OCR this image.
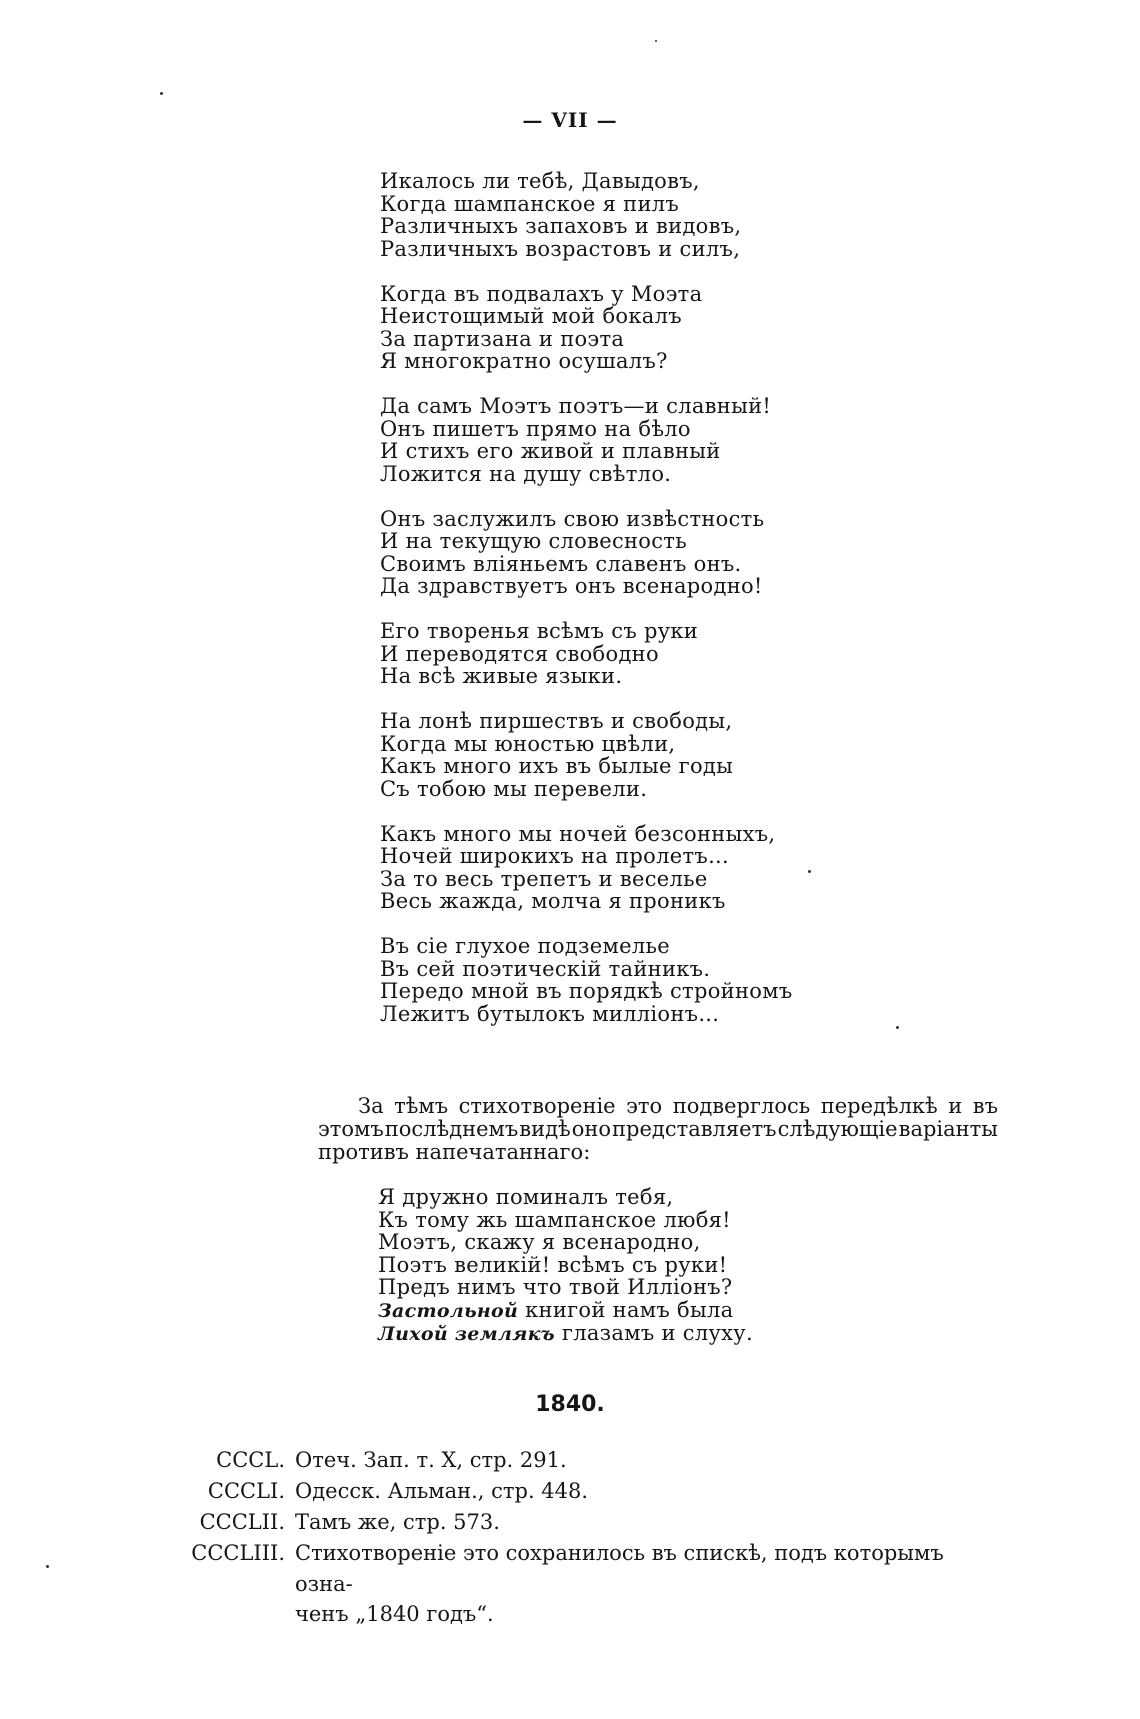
— VII —
Икалось ли тебѣ, Давыдовъ,
Когда шампанское я пилъ
Различныхъ запаховъ и видовъ,
Различныхъ возрастовъ и силъ,
Когда въ подвалахъ у Моэта
Неистощимый мой бокалъ
За партизана и поэта
Я многократно осушалъ?
Да самъ Моэтъ поэтъ—и славный!
Онъ пишетъ прямо на бѣло
И стихъ его живой и плавный
Ложится на душу свѣтло.
Онъ заслужилъ свою извѣстность
И на текущую словесность
Своимъ вліяньемъ славенъ онъ.
Да здравствуетъ онъ всенародно!
Его творенья всѣмъ съ руки
И переводятся свободно
На всѣ живые языки.
На лонѣ пиршествъ и свободы,
Когда мы юностью цвѣли,
Какъ много ихъ въ былые годы
Съ тобою мы перевели.
Какъ много мы ночей безсонныхъ,
Ночей широкихъ на пролетъ...
За то весь трепетъ и веселье
Весь жажда, молча я проникъ
Въ сіе глухое подземелье
Въ сей поэтическій тайникъ.
Передо мной въ порядкѣ стройномъ
Лежитъ бутылокъ милліонъ...
За тѣмъ стихотвореніе это подверглось передѣлкѣ и въ
этомъ послѣднемъ видѣ оно представляетъ слѣдующіе варіанты
противъ напечатаннаго:
Я дружно поминалъ тебя,
Къ тому жь шампанское любя!
Моэтъ, скажу я всенародно,
Поэтъ великій! всѣмъ съ руки!
Предъ нимъ что твой Илліонъ?
Застольной книгой намъ была
Лихой землякъ глазамъ и слуху.
1840.
CCCL. Отеч. Зап. т. X, стр. 291.
CCCLI. Одесск. Альман., стр. 448.
CCCLII. Тамъ же, стр. 573.
CCCLIII. Стихотвореніе это сохранилось въ спискѣ, подъ которымъ озна-
ченъ „1840 годъ“.
